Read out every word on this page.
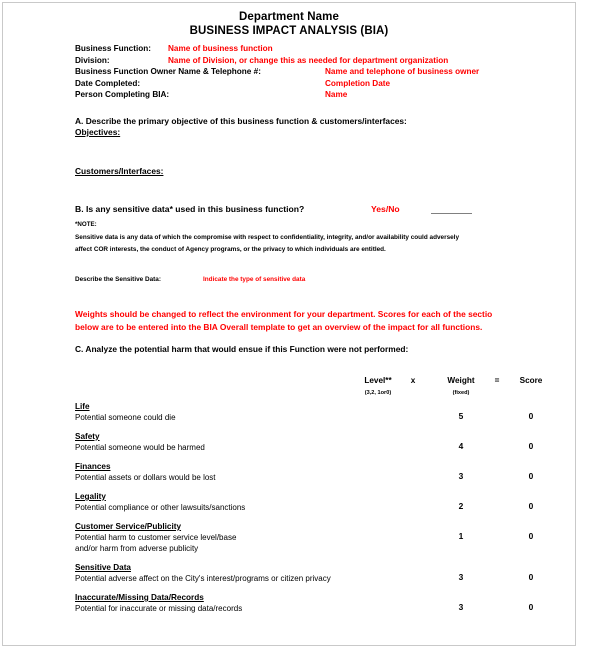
Department Name
BUSINESS IMPACT ANALYSIS (BIA)
Business Function: Name of business function
Division:	Name of Division, or change this as needed for department organization
Business Function Owner Name & Telephone #:	Name and telephone of business owner
Date Completed:	Completion Date
Person Completing BIA:	Name
A. Describe the primary objective of this business function & customers/interfaces:
Objectives:
Customers/Interfaces:
B. Is any sensitive data* used in this business function?	Yes/No
*NOTE:
Sensitive data is any data of which the compromise with respect to confidentiality, integrity, and/or availability could adversely affect COR interests, the conduct of Agency programs, or the privacy to which individuals are entitled.
Describe the Sensitive Data:	Indicate the type of sensitive data
Weights should be changed to reflect the environment for your department. Scores for each of the sectio
below are to be entered into the BIA Overall template to get an overview of the impact for all functions.
C. Analyze the potential harm that would ensue if this Function were not performed:
Level**
(3,2, 1or0)
x	Weight
(fixed)
=	Score
Life
Potential someone could die	5	0
Safety
Potential someone would be harmed	4	0
Finances
Potential assets or dollars would be lost	3	0
Legality
Potential compliance or other lawsuits/sanctions	2	0
Customer Service/Publicity
Potential harm to customer service level/base
and/or harm from adverse publicity
1	0
Sensitive Data
Potential adverse affect on the City's interest/programs or citizen privacy	3	0
Inaccurate/Missing Data/Records
Potential for inaccurate or missing data/records	3	0
